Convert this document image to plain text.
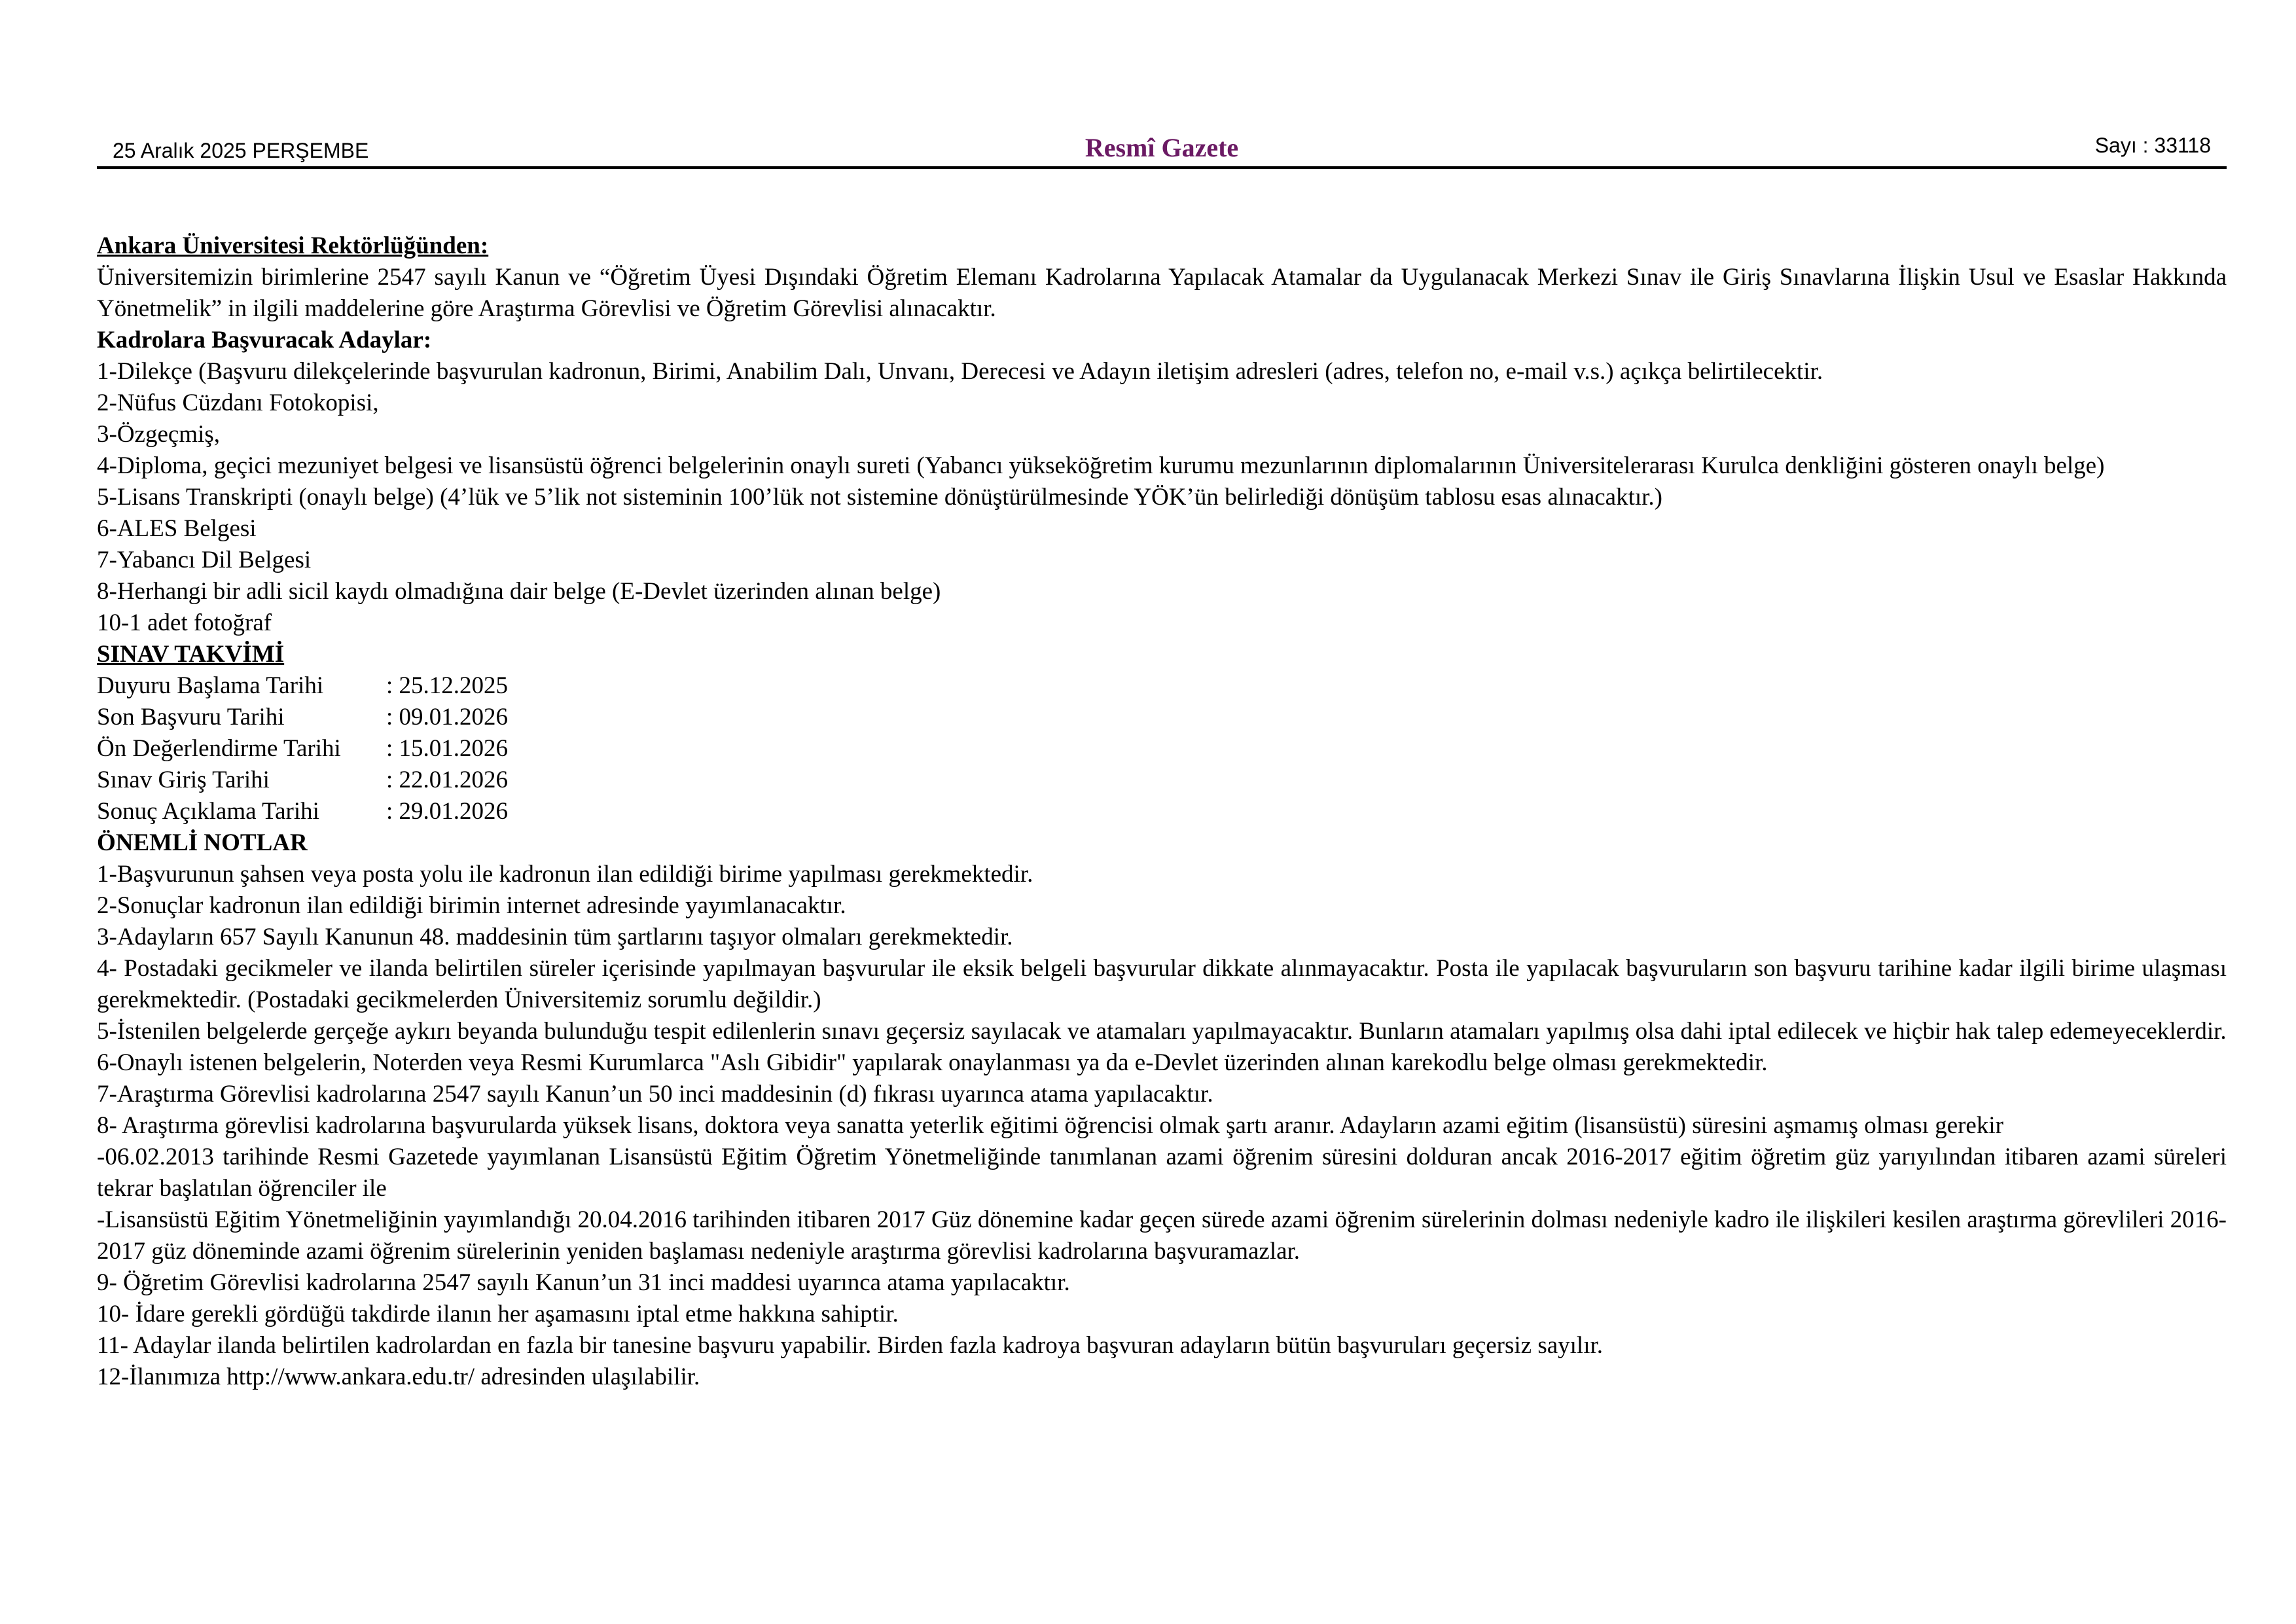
25 Aralık 2025 PERŞEMBE	Resmî Gazete	Sayı : 33118

Ankara Üniversitesi Rektörlüğünden:

Üniversitemizin birimlerine 2547 sayılı Kanun ve “Öğretim Üyesi Dışındaki Öğretim Elemanı Kadrolarına Yapılacak Atamalar da Uygulanacak Merkezi Sınav ile Giriş Sınavlarına İlişkin Usul ve Esaslar Hakkında Yönetmelik” in ilgili maddelerine göre Araştırma Görevlisi ve Öğretim Görevlisi alınacaktır.

Kadrolara Başvuracak Adaylar:

1-Dilekçe (Başvuru dilekçelerinde başvurulan kadronun, Birimi, Anabilim Dalı, Unvanı, Derecesi ve Adayın iletişim adresleri (adres, telefon no, e-mail v.s.) açıkça belirtilecektir.

2-Nüfus Cüzdanı Fotokopisi,

3-Özgeçmiş,

4-Diploma, geçici mezuniyet belgesi ve lisansüstü öğrenci belgelerinin onaylı sureti (Yabancı yükseköğretim kurumu mezunlarının diplomalarının Üniversitelerarası Kurulca denkliğini gösteren onaylı belge)

5-Lisans Transkripti (onaylı belge) (4’lük ve 5’lik not sisteminin 100’lük not sistemine dönüştürülmesinde YÖK’ün belirlediği dönüşüm tablosu esas alınacaktır.)

6-ALES Belgesi

7-Yabancı Dil Belgesi

8-Herhangi bir adli sicil kaydı olmadığına dair belge (E-Devlet üzerinden alınan belge)

10-1 adet fotoğraf

SINAV TAKVİMİ

Duyuru Başlama Tarihi	: 25.12.2025
Son Başvuru Tarihi	: 09.01.2026
Ön Değerlendirme Tarihi	: 15.01.2026
Sınav Giriş Tarihi	: 22.01.2026
Sonuç Açıklama Tarihi	: 29.01.2026

ÖNEMLİ NOTLAR

1-Başvurunun şahsen veya posta yolu ile kadronun ilan edildiği birime yapılması gerekmektedir.

2-Sonuçlar kadronun ilan edildiği birimin internet adresinde yayımlanacaktır.

3-Adayların 657 Sayılı Kanunun 48. maddesinin tüm şartlarını taşıyor olmaları gerekmektedir.

4- Postadaki gecikmeler ve ilanda belirtilen süreler içerisinde yapılmayan başvurular ile eksik belgeli başvurular dikkate alınmayacaktır. Posta ile yapılacak başvuruların son başvuru tarihine kadar ilgili birime ulaşması gerekmektedir. (Postadaki gecikmelerden Üniversitemiz sorumlu değildir.)

5-İstenilen belgelerde gerçeğe aykırı beyanda bulunduğu tespit edilenlerin sınavı geçersiz sayılacak ve atamaları yapılmayacaktır. Bunların atamaları yapılmış olsa dahi iptal edilecek ve hiçbir hak talep edemeyeceklerdir.

6-Onaylı istenen belgelerin, Noterden veya Resmi Kurumlarca "Aslı Gibidir" yapılarak onaylanması ya da e-Devlet üzerinden alınan karekodlu belge olması gerekmektedir.

7-Araştırma Görevlisi kadrolarına 2547 sayılı Kanun’un 50 inci maddesinin (d) fıkrası uyarınca atama yapılacaktır.

8- Araştırma görevlisi kadrolarına başvurularda yüksek lisans, doktora veya sanatta yeterlik eğitimi öğrencisi olmak şartı aranır. Adayların azami eğitim (lisansüstü) süresini aşmamış olması gerekir

-06.02.2013 tarihinde Resmi Gazetede yayımlanan Lisansüstü Eğitim Öğretim Yönetmeliğinde tanımlanan azami öğrenim süresini dolduran ancak 2016-2017 eğitim öğretim güz yarıyılından itibaren azami süreleri tekrar başlatılan öğrenciler ile

-Lisansüstü Eğitim Yönetmeliğinin yayımlandığı 20.04.2016 tarihinden itibaren 2017 Güz dönemine kadar geçen sürede azami öğrenim sürelerinin dolması nedeniyle kadro ile ilişkileri kesilen araştırma görevlileri 2016-2017 güz döneminde azami öğrenim sürelerinin yeniden başlaması nedeniyle araştırma görevlisi kadrolarına başvuramazlar.

9- Öğretim Görevlisi kadrolarına 2547 sayılı Kanun’un 31 inci maddesi uyarınca atama yapılacaktır.

10- İdare gerekli gördüğü takdirde ilanın her aşamasını iptal etme hakkına sahiptir.

11- Adaylar ilanda belirtilen kadrolardan en fazla bir tanesine başvuru yapabilir. Birden fazla kadroya başvuran adayların bütün başvuruları geçersiz sayılır.

12-İlanımıza http://www.ankara.edu.tr/ adresinden ulaşılabilir.
